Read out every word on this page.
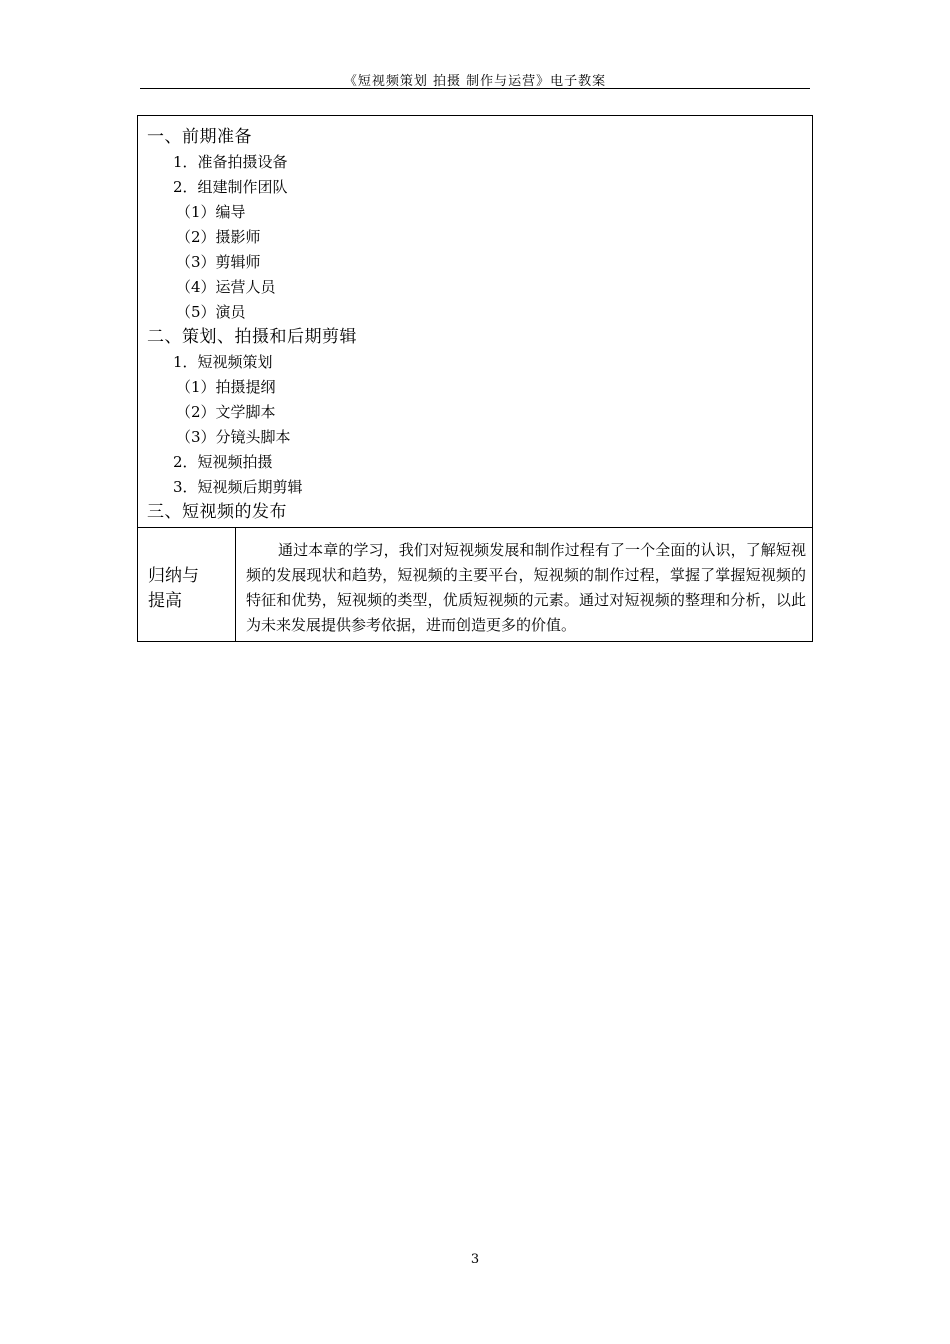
《短视频策划 拍摄 制作与运营》电子教案
一、前期准备
1．准备拍摄设备
2．组建制作团队
（1）编导
（2）摄影师
（3）剪辑师
（4）运营人员
（5）演员
二、策划、拍摄和后期剪辑
1．短视频策划
（1）拍摄提纲
（2）文学脚本
（3）分镜头脚本
2．短视频拍摄
3．短视频后期剪辑
三、短视频的发布
归纳与
提高
通过本章的学习，我们对短视频发展和制作过程有了一个全面的认识，了解短视频的发展现状和趋势，短视频的主要平台，短视频的制作过程，掌握了掌握短视频的特征和优势，短视频的类型，优质短视频的元素。通过对短视频的整理和分析，以此为未来发展提供参考依据，进而创造更多的价值。
3
